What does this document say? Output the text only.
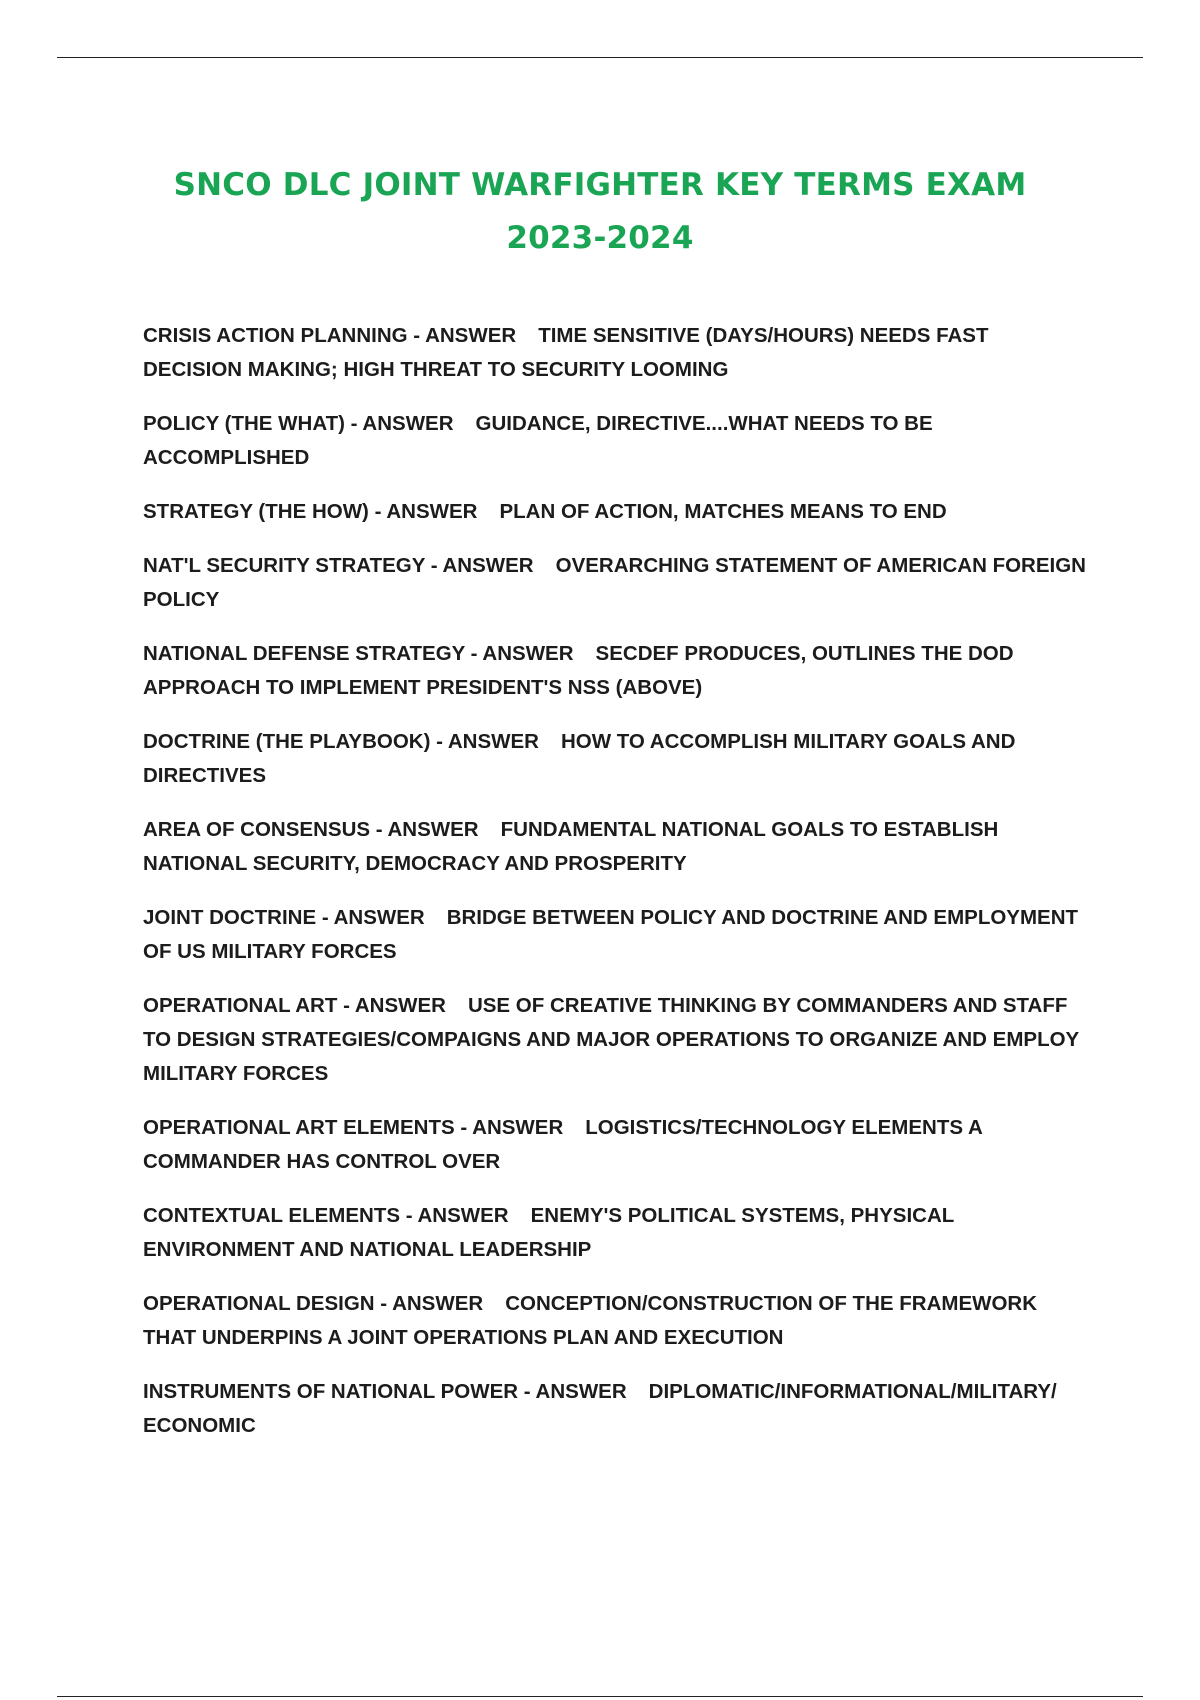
SNCO DLC JOINT WARFIGHTER KEY TERMS EXAM
2023-2024
CRISIS ACTION PLANNING - ANSWER TIME SENSITIVE (DAYS/HOURS) NEEDS FAST DECISION MAKING; HIGH THREAT TO SECURITY LOOMING
POLICY (THE WHAT) - ANSWER GUIDANCE, DIRECTIVE....WHAT NEEDS TO BE ACCOMPLISHED
STRATEGY (THE HOW) - ANSWER PLAN OF ACTION, MATCHES MEANS TO END
NAT'L SECURITY STRATEGY - ANSWER OVERARCHING STATEMENT OF AMERICAN FOREIGN POLICY
NATIONAL DEFENSE STRATEGY - ANSWER SECDEF PRODUCES, OUTLINES THE DOD APPROACH TO IMPLEMENT PRESIDENT'S NSS (ABOVE)
DOCTRINE (THE PLAYBOOK) - ANSWER HOW TO ACCOMPLISH MILITARY GOALS AND DIRECTIVES
AREA OF CONSENSUS - ANSWER FUNDAMENTAL NATIONAL GOALS TO ESTABLISH NATIONAL SECURITY, DEMOCRACY AND PROSPERITY
JOINT DOCTRINE - ANSWER BRIDGE BETWEEN POLICY AND DOCTRINE AND EMPLOYMENT OF US MILITARY FORCES
OPERATIONAL ART - ANSWER USE OF CREATIVE THINKING BY COMMANDERS AND STAFF TO DESIGN STRATEGIES/COMPAIGNS AND MAJOR OPERATIONS TO ORGANIZE AND EMPLOY MILITARY FORCES
OPERATIONAL ART ELEMENTS - ANSWER LOGISTICS/TECHNOLOGY ELEMENTS A COMMANDER HAS CONTROL OVER
CONTEXTUAL ELEMENTS - ANSWER ENEMY'S POLITICAL SYSTEMS, PHYSICAL ENVIRONMENT AND NATIONAL LEADERSHIP
OPERATIONAL DESIGN - ANSWER CONCEPTION/CONSTRUCTION OF THE FRAMEWORK THAT UNDERPINS A JOINT OPERATIONS PLAN AND EXECUTION
INSTRUMENTS OF NATIONAL POWER - ANSWER DIPLOMATIC/INFORMATIONAL/MILITARY/ ECONOMIC
